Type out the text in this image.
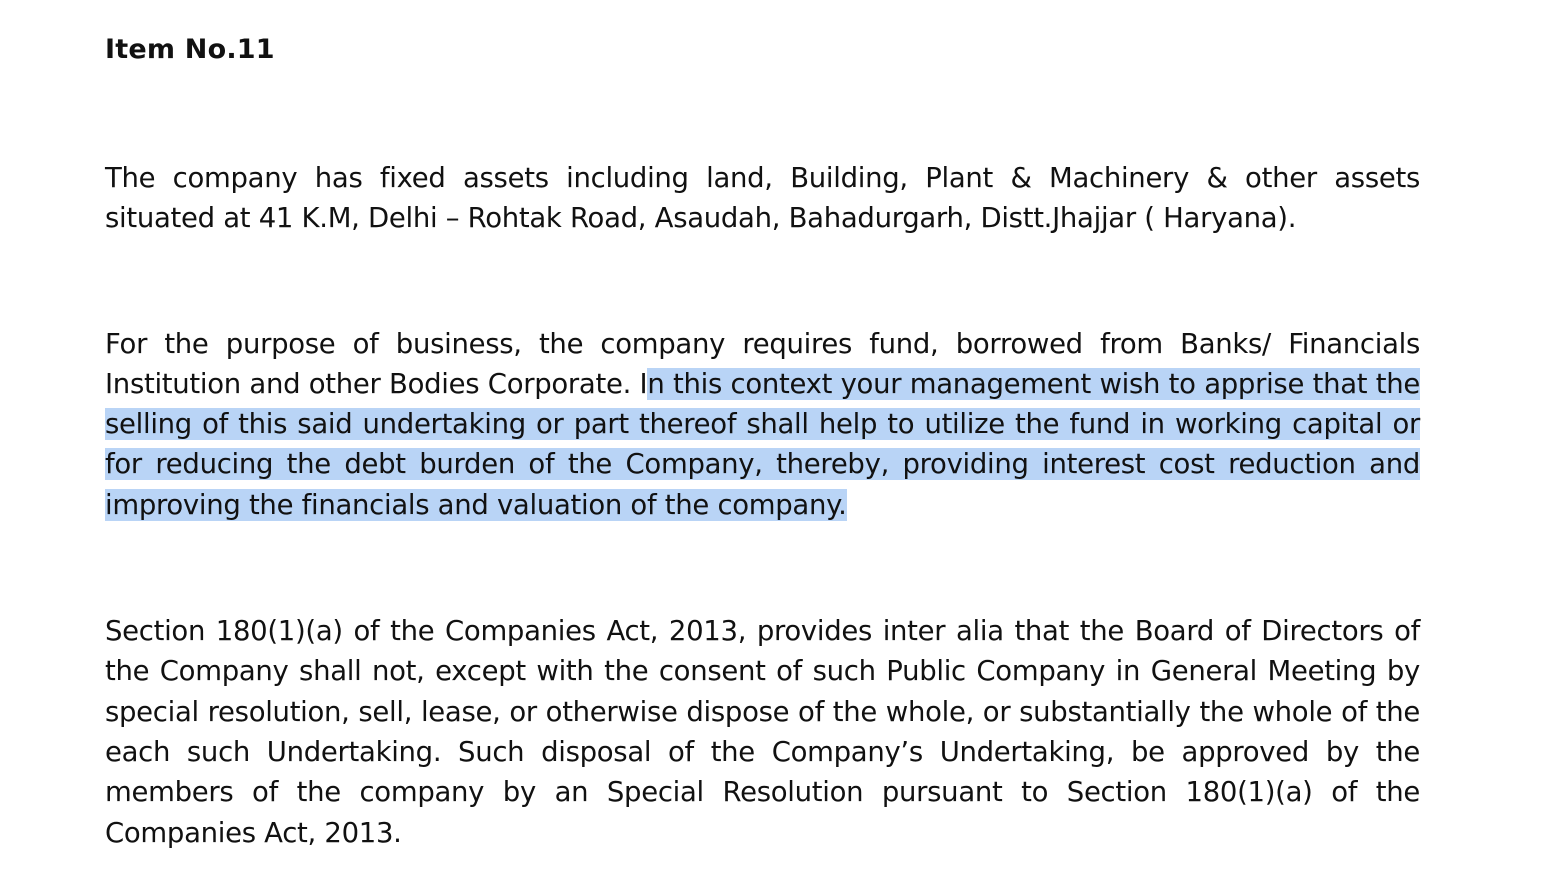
Item No.11

The company has fixed assets including land, Building, Plant & Machinery & other assets situated at 41 K.M, Delhi – Rohtak Road, Asaudah, Bahadurgarh, Distt.Jhajjar ( Haryana).

For the purpose of business, the company requires fund, borrowed from Banks/ Financials Institution and other Bodies Corporate. In this context your management wish to apprise that the selling of this said undertaking or part thereof shall help to utilize the fund in working capital or for reducing the debt burden of the Company, thereby, providing interest cost reduction and improving the financials and valuation of the company.

Section 180(1)(a) of the Companies Act, 2013, provides inter alia that the Board of Directors of the Company shall not, except with the consent of such Public Company in General Meeting by special resolution, sell, lease, or otherwise dispose of the whole, or substantially the whole of the each such Undertaking. Such disposal of the Company’s Undertaking, be approved by the members of the company by an Special Resolution pursuant to Section 180(1)(a) of the Companies Act, 2013.
